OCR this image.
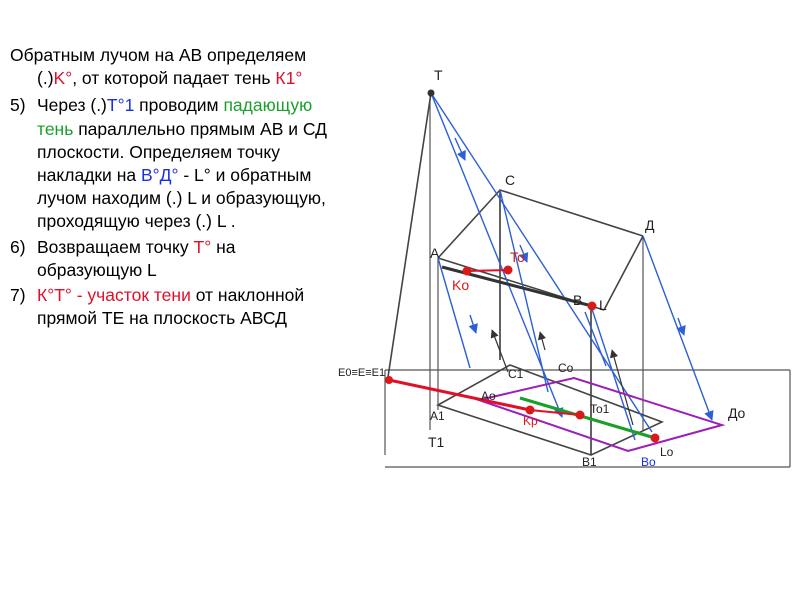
Обратным лучом на АВ определяем (.)K°, от которой падает тень К1°
5) Через (.)Т°1 проводим падающую тень параллельно прямым АВ и СД плоскости. Определяем точку накладки на В°Д° - L° и обратным лучом находим (.) L и образующую, проходящую через (.) L .
6) Возвращаем точку Т° на образующую L
7) К°Т° - участок тени от наклонной прямой ТЕ на плоскость АВСД
T
T1
C
Д
A
B L
To
Ko
C1	Co
Ao
Kp
To1	Дo
A1
B1	Bo
Lo
E0≡E≡E1
